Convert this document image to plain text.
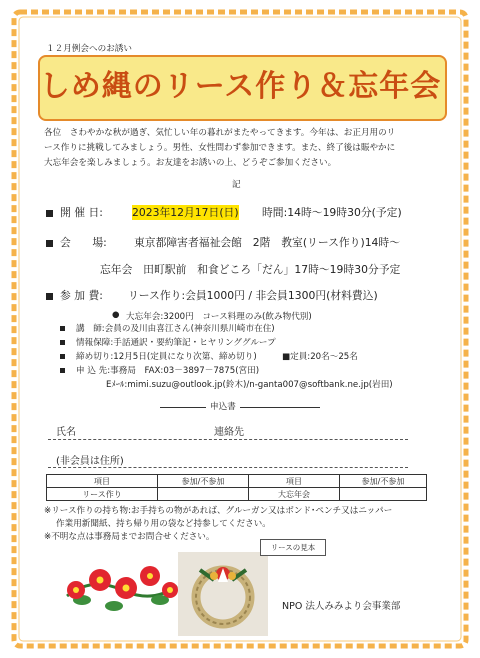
１２月例会へのお誘い
しめ縄のリース作り＆忘年会
各位　さわやかな秋が過ぎ、気忙しい年の暮れがまたやってきます。今年は、お正月用のリ
ース作りに挑戦してみましょう。男性、女性問わず参加できます。また、終了後は賑やかに
大忘年会を楽しみましょう。お友達をお誘いの上、どうぞご参加ください。
記
開 催 日:	2023年12月17日(日) 時間:14時～19時30分(予定)
会　　場:	東京都障害者福祉会館　2階　教室(リース作り)14時～
忘年会　田町駅前　和食どころ「だん」17時～19時30分予定
参 加 費: リース作り:会員1000円 / 非会員1300円(材料費込)
● 大忘年会:3200円　コース料理のみ(飲み物代別)
講　師:会員の及川由喜江さん(神奈川県川崎市在住)
情報保障:手話通訳・要約筆記・ヒヤリンググループ
締め切り:12月5日(定員になり次第、締め切り)	■定員:20名～25名
申 込 先:事務局　FAX:03－3897－7875(宮田)
Eﾒｰﾙ:mimi.suzu@outlook.jp(鈴木)/n-ganta007@softbank.ne.jp(岩田)
申込書
氏名	連絡先
(非会員は住所)
項目	参加/不参加	項目	参加/不参加
リース作り		大忘年会	
※リース作りの持ち物:お手持ちの物があれば、グルーガン又はボンド･ペンチ又はニッパー
作業用新聞紙、持ち帰り用の袋など持参してください。
※不明な点は事務局までお問合せください。
リースの見本
NPO 法人みみより会事業部
